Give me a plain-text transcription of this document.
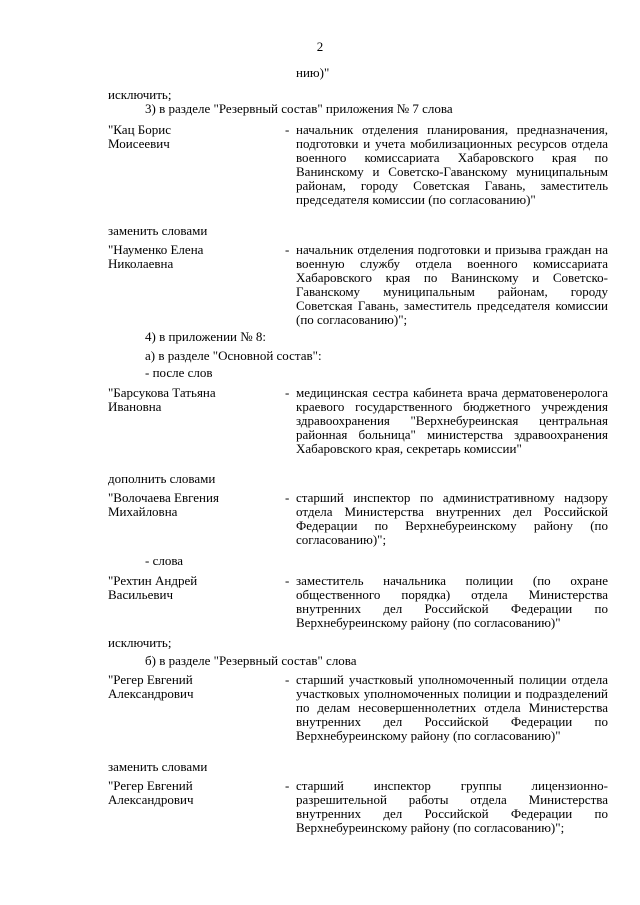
2
нию)"
исключить;
3) в разделе "Резервный состав" приложения № 7 слова
"Кац Борис
Моисеевич
- начальник отделения планирования, предназначения, подготовки и учета мобилизационных ресурсов отдела военного комиссариата Хабаровского края по Ванинскому и Советско-Гаванскому муниципальным районам, городу Советская Гавань, заместитель председателя комиссии (по согласованию)"
заменить словами
"Науменко Елена
Николаевна
- начальник отделения подготовки и призыва граждан на военную службу отдела военного комиссариата Хабаровского края по Ванинскому и Советско-Гаванскому муниципальным районам, городу Советская Гавань, заместитель председателя комиссии (по согласованию)";
4) в приложении № 8:
а) в разделе "Основной состав":
- после слов
"Барсукова Татьяна
Ивановна
- медицинская сестра кабинета врача дерматовенеролога краевого государственного бюджетного учреждения здравоохранения "Верхнебуреинская центральная районная больница" министерства здравоохранения Хабаровского края, секретарь комиссии"
дополнить словами
"Волочаева Евгения
Михайловна
- старший инспектор по административному надзору отдела Министерства внутренних дел Российской Федерации по Верхнебуреинскому району (по согласованию)";
- слова
"Рехтин Андрей
Васильевич
- заместитель начальника полиции (по охране общественного порядка) отдела Министерства внутренних дел Российской Федерации по Верхнебуреинскому району (по согласованию)"
исключить;
б) в разделе "Резервный состав" слова
"Регер Евгений
Александрович
- старший участковый уполномоченный полиции отдела участковых уполномоченных полиции и подразделений по делам несовершеннолетних отдела Министерства внутренних дел Российской Федерации по Верхнебуреинскому району (по согласованию)"
заменить словами
"Регер Евгений
Александрович
- старший инспектор группы лицензионно-разрешительной работы отдела Министерства внутренних дел Российской Федерации по Верхнебуреинскому району (по согласованию)";
